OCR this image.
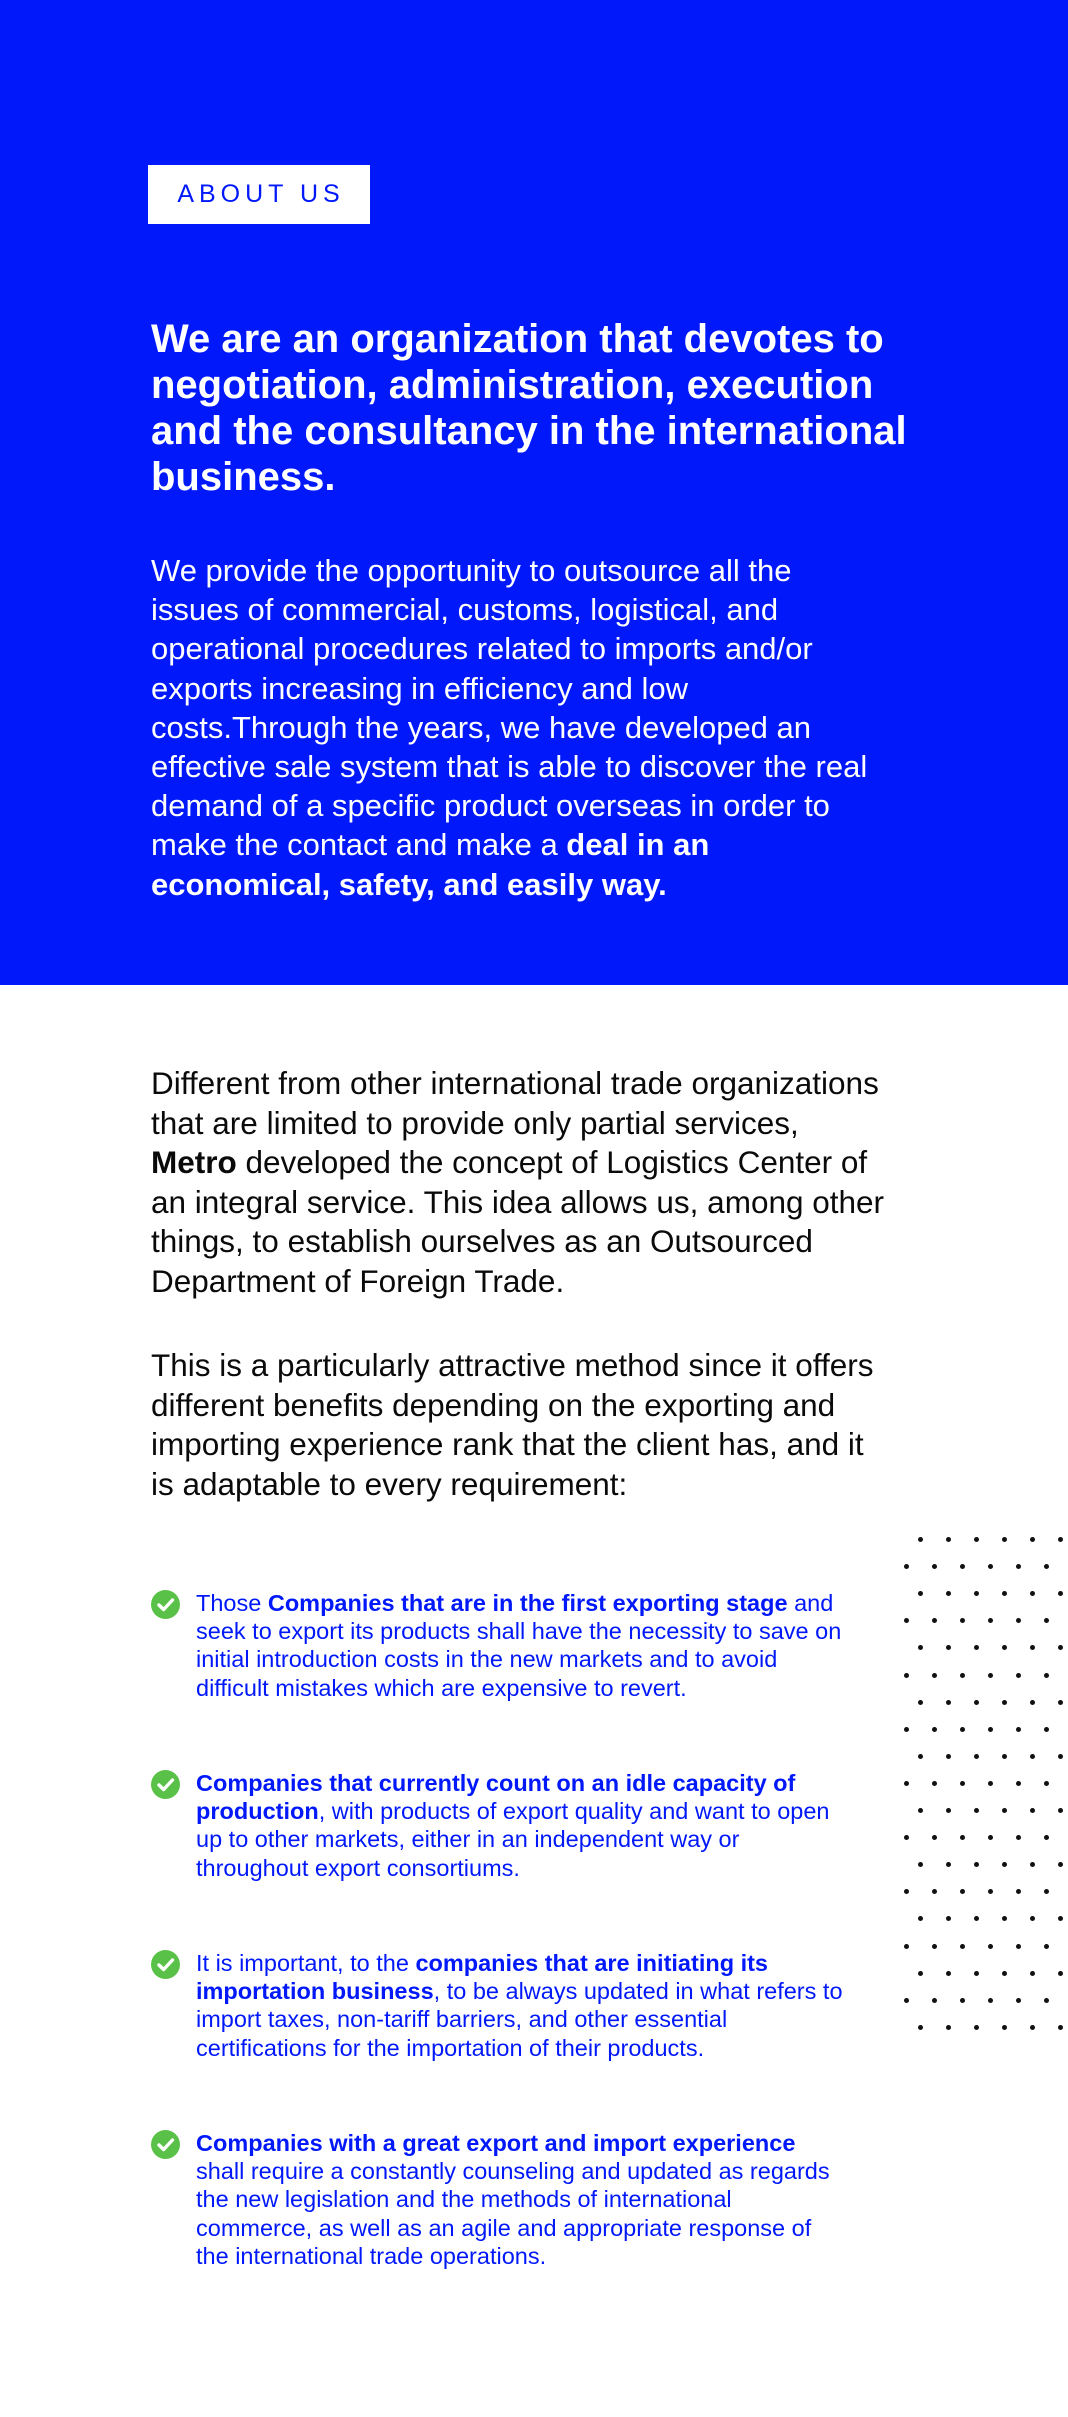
ABOUT US
We are an organization that devotes to negotiation, administration, execution and the consultancy in the international business.

We provide the opportunity to outsource all the issues of commercial, customs, logistical, and operational procedures related to imports and/or exports increasing in efficiency and low costs.Through the years, we have developed an effective sale system that is able to discover the real demand of a specific product overseas in order to make the contact and make a deal in an economical, safety, and easily way.

Different from other international trade organizations that are limited to provide only partial services, Metro developed the concept of Logistics Center of an integral service. This idea allows us, among other things, to establish ourselves as an Outsourced Department of Foreign Trade.

This is a particularly attractive method since it offers different benefits depending on the exporting and importing experience rank that the client has, and it is adaptable to every requirement:

Those Companies that are in the first exporting stage and seek to export its products shall have the necessity to save on initial introduction costs in the new markets and to avoid difficult mistakes which are expensive to revert.

Companies that currently count on an idle capacity of production, with products of export quality and want to open up to other markets, either in an independent way or throughout export consortiums.

It is important, to the companies that are initiating its importation business, to be always updated in what refers to import taxes, non-tariff barriers, and other essential certifications for the importation of their products.

Companies with a great export and import experience shall require a constantly counseling and updated as regards the new legislation and the methods of international commerce, as well as an agile and appropriate response of the international trade operations.
